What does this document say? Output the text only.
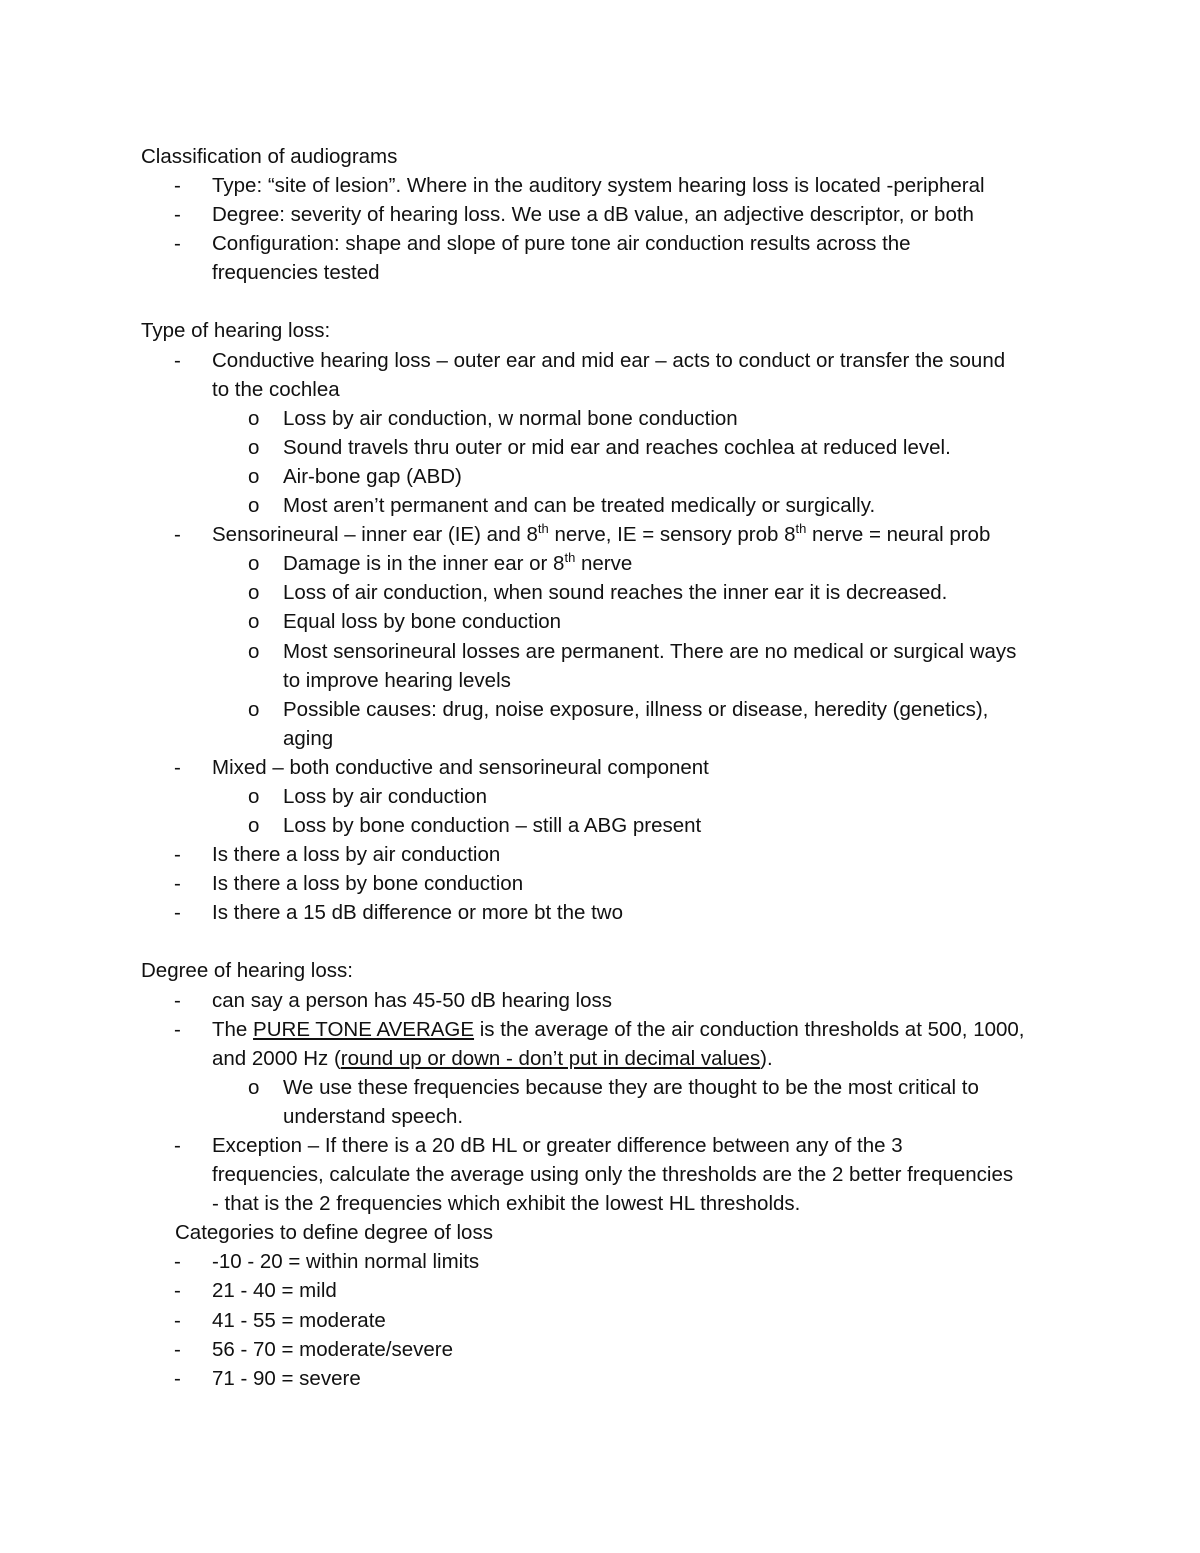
Classification of audiograms
- Type: “site of lesion”. Where in the auditory system hearing loss is located -peripheral
- Degree: severity of hearing loss. We use a dB value, an adjective descriptor, or both
- Configuration: shape and slope of pure tone air conduction results across the
frequencies tested
Type of hearing loss:
- Conductive hearing loss – outer ear and mid ear – acts to conduct or transfer the sound
to the cochlea
o Loss by air conduction, w normal bone conduction
o Sound travels thru outer or mid ear and reaches cochlea at reduced level.
o Air-bone gap (ABD)
o Most aren’t permanent and can be treated medically or surgically.
- Sensorineural – inner ear (IE) and 8th nerve, IE = sensory prob 8th nerve = neural prob
o Damage is in the inner ear or 8th nerve
o Loss of air conduction, when sound reaches the inner ear it is decreased.
o Equal loss by bone conduction
o Most sensorineural losses are permanent. There are no medical or surgical ways
to improve hearing levels
o Possible causes: drug, noise exposure, illness or disease, heredity (genetics),
aging
- Mixed – both conductive and sensorineural component
o Loss by air conduction
o Loss by bone conduction – still a ABG present
- Is there a loss by air conduction
- Is there a loss by bone conduction
- Is there a 15 dB difference or more bt the two
Degree of hearing loss:
- can say a person has 45-50 dB hearing loss
- The PURE TONE AVERAGE is the average of the air conduction thresholds at 500, 1000,
and 2000 Hz (round up or down - don’t put in decimal values).
o We use these frequencies because they are thought to be the most critical to
understand speech.
- Exception – If there is a 20 dB HL or greater difference between any of the 3
frequencies, calculate the average using only the thresholds are the 2 better frequencies
- that is the 2 frequencies which exhibit the lowest HL thresholds.
Categories to define degree of loss
- -10 - 20 = within normal limits
- 21 - 40 = mild
- 41 - 55 = moderate
- 56 - 70 = moderate/severe
- 71 - 90 = severe
